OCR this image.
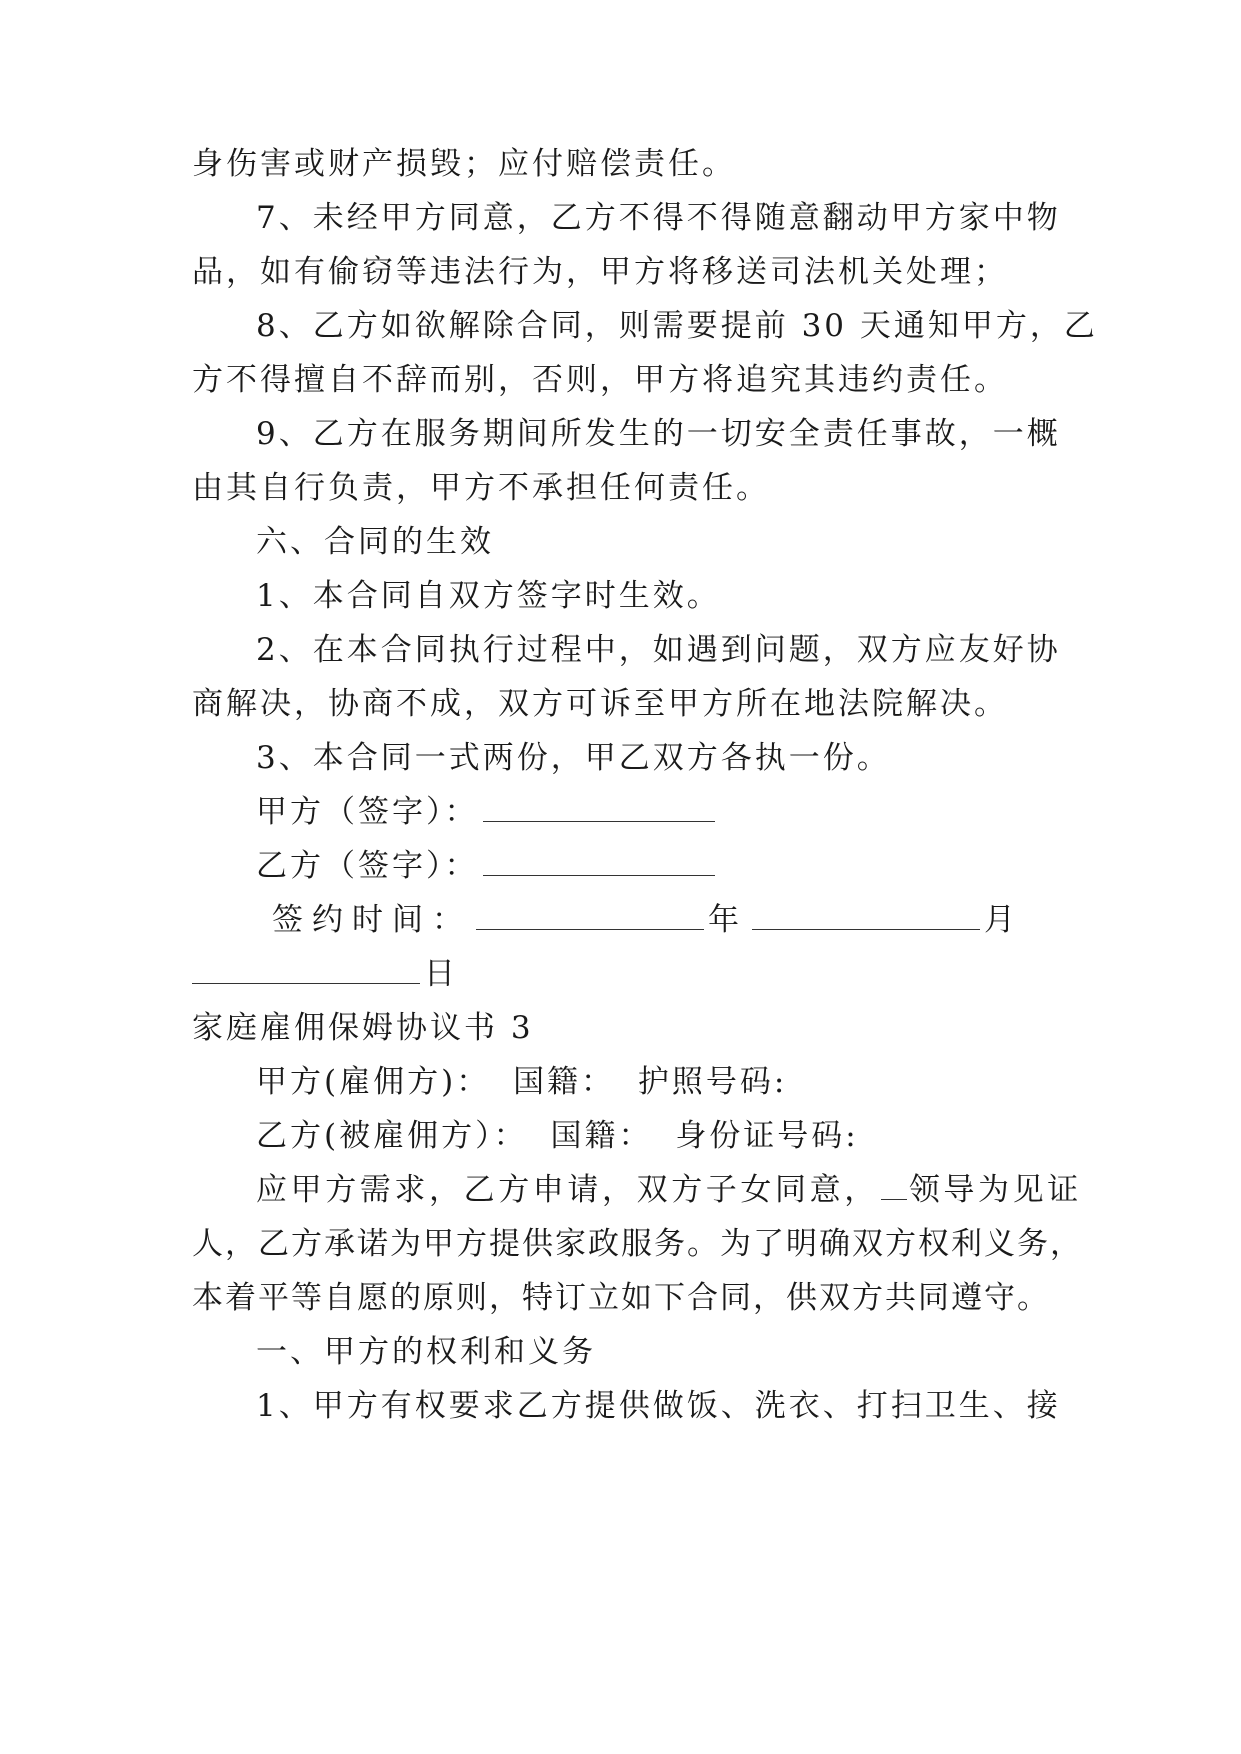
身伤害或财产损毁；应付赔偿责任。
7、未经甲方同意，乙方不得不得随意翻动甲方家中物
品，如有偷窃等违法行为，甲方将移送司法机关处理；
8、乙方如欲解除合同，则需要提前 30 天通知甲方，乙
方不得擅自不辞而别，否则，甲方将追究其违约责任。
9、乙方在服务期间所发生的一切安全责任事故，一概
由其自行负责，甲方不承担任何责任。
六、合同的生效
1、本合同自双方签字时生效。
2、在本合同执行过程中，如遇到问题，双方应友好协
商解决，协商不成，双方可诉至甲方所在地法院解决。
3、本合同一式两份，甲乙双方各执一份。
甲方（签字）：
乙方（签字）：
签约时间：	年	月
日
家庭雇佣保姆协议书 3
甲方(雇佣方)： 国籍： 护照号码:
乙方(被雇佣方）： 国籍： 身份证号码:
应甲方需求，乙方申请，双方子女同意， 领导为见证
人，乙方承诺为甲方提供家政服务。为了明确双方权利义务，
本着平等自愿的原则，特订立如下合同，供双方共同遵守。
一、甲方的权利和义务
1、甲方有权要求乙方提供做饭、洗衣、打扫卫生、接
